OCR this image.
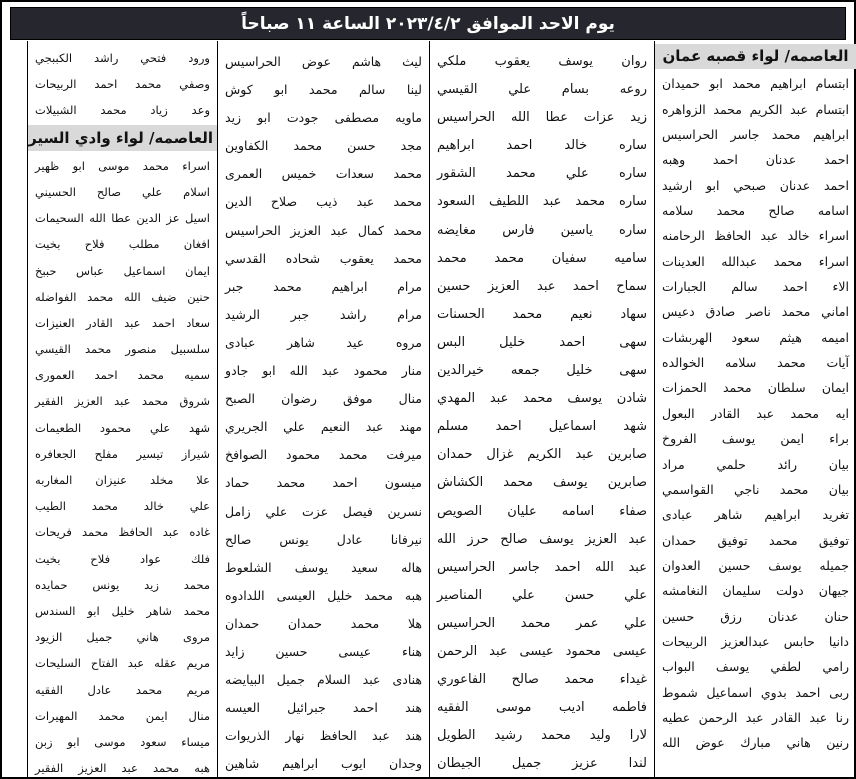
يوم الاحد الموافق ٢٠٢٣/٤/٢ الساعة ١١ صباحاً
ورود
فتحي
راشد
الكببجي
وصفي
محمد
احمد
الربيحات
وعد
زياد
محمد
الشبيلات
العاصمه/ لواء وادي السير
اسراء
محمد
موسى
ابو
ظهير
اسلام
علي
صالح
الحسيني
اسيل
عز
الدين
عطا
الله
السحيمات
افغان
مطلب
فلاح
بخيت
ايمان
اسماعيل
عباس
حببخ
حنين
ضيف
الله
محمد
الفواضله
سعاد
احمد
عبد
القادر
العنيزات
سلسبيل
منصور
محمد
القيسي
سميه
محمد
احمد
العمورى
شروق
محمد
عبد
العزيز
الفقير
شهد
علي
محمود
الطعيمات
شيراز
تيسير
مفلح
الجعافره
علا
مخلد
عنيزان
المغاربه
علي
خالد
محمد
الطيب
غاده
عبد
الحافظ
محمد
فريحات
فلك
عواد
فلاح
بخيت
محمد
زيد
يونس
حمايده
محمد
شاهر
خليل
ابو
السندس
مروى
هاني
جميل
الزيود
مريم
عقله
عبد
الفتاح
السليحات
مريم
محمد
عادل
الفقيه
منال
ايمن
محمد
المهيرات
ميساء
سعود
موسى
ابو
زبن
هبه
محمد
عبد
العزيز
الفقير
ليث
هاشم
عوض
الحراسيس
لينا
سالم
محمد
ابو
كوش
ماويه
مصطفى
جودت
ابو
زيد
مجد
حسن
محمد
الكفاوين
محمد
سعدات
خميس
العمرى
محمد
عبد
ذيب
صلاح
الدين
محمد
كمال
عبد
العزيز
الحراسيس
محمد
يعقوب
شحاده
القدسي
مرام
ابراهيم
محمد
جبر
مرام
راشد
جبر
الرشيد
مروه
عيد
شاهر
عبادى
منار
محمود
عبد
الله
ابو
جادو
منال
موفق
رضوان
الصبح
مهند
عبد
النعيم
علي
الجريري
ميرفت
محمد
محمود
الصوافخ
ميسون
احمد
محمد
حماد
نسرين
فيصل
عزت
علي
زامل
نيرفانا
عادل
يونس
صالح
هاله
سعيد
يوسف
الشلعوط
هبه
محمد
خليل
العيسى
اللدادوه
هلا
محمد
حمدان
حمدان
هناء
عيسى
حسين
زايد
هنادى
عبد
السلام
جميل
البيايضه
هند
احمد
جبرائيل
العيسه
هند
عبد
الحافظ
نهار
الذريوات
وجدان
ايوب
ابراهيم
شاهين
روان
يوسف
يعقوب
ملكي
روعه
بسام
علي
القيسي
زيد
عزات
عطا
الله
الحراسيس
ساره
خالد
احمد
ابراهيم
ساره
علي
محمد
الشقور
ساره
محمد
عبد
اللطيف
السعود
ساره
ياسين
فارس
مغايضه
ساميه
سفيان
محمد
محمد
سماح
احمد
عبد
العزيز
حسين
سهاد
نعيم
محمد
الحسنات
سهى
احمد
خليل
البس
سهى
خليل
جمعه
خيرالدين
شادن
يوسف
محمد
عبد
المهدي
شهد
اسماعيل
احمد
مسلم
صابرين
عبد
الكريم
غزال
حمدان
صابرين
يوسف
محمد
الكشاش
صفاء
اسامه
عليان
الصويص
عبد
العزيز
يوسف
صالح
حرز
الله
عبد
الله
احمد
جاسر
الحراسيس
علي
حسن
علي
المناصير
علي
عمر
محمد
الحراسيس
عيسى
محمود
عيسى
عبد
الرحمن
غيداء
محمد
صالح
الفاعوري
فاطمه
اديب
موسى
الفقيه
لارا
وليد
محمد
رشيد
الطويل
لندا
عزيز
جميل
الجيطان
العاصمه/ لواء قصبه عمان
ابتسام
ابراهيم
محمد
ابو
حميدان
ابتسام
عبد
الكريم
محمد
الزواهره
ابراهيم
محمد
جاسر
الحراسيس
احمد
عدنان
احمد
وهبه
احمد
عدنان
صبحي
ابو
ارشيد
اسامه
صالح
محمد
سلامه
اسراء
خالد
عبد
الحافظ
الرحامنه
اسراء
محمد
عبدالله
العدينات
الاء
احمد
سالم
الجبارات
اماني
محمد
ناصر
صادق
دعيس
اميمه
هيثم
سعود
الهربشات
آيات
محمد
سلامه
الخوالده
ايمان
سلطان
محمد
الحمزات
ايه
محمد
عبد
القادر
البعول
براء
ايمن
يوسف
الفروخ
بيان
رائد
حلمي
مراد
بيان
محمد
ناجي
القواسمي
تغريد
ابراهيم
شاهر
عبادى
توفيق
محمد
توفيق
حمدان
جميله
يوسف
حسين
العدوان
جيهان
دولت
سليمان
النغامشه
حنان
عدنان
رزق
حسين
دانيا
حابس
عبدالعزيز
الربيحات
رامي
لطفي
يوسف
البواب
ربى
احمد
بدوي
اسماعيل
شموط
رنا
عبد
القادر
عبد
الرحمن
عطيه
رنين
هاني
مبارك
عوض
الله
